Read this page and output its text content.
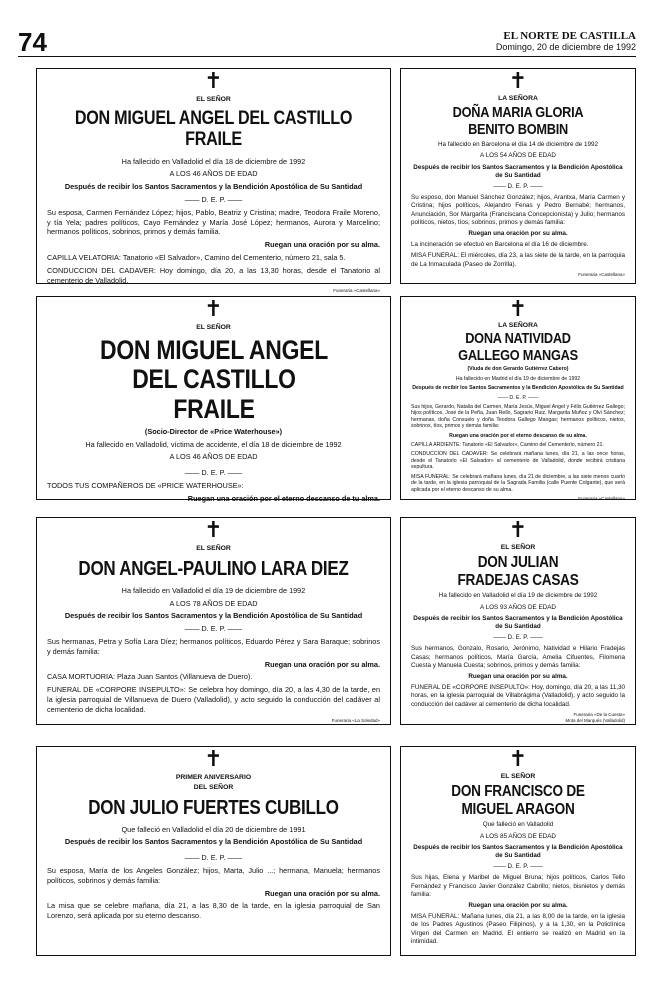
74	EL NORTE DE CASTILLA
Domingo, 20 de diciembre de 1992
✝
EL SEÑOR
DON MIGUEL ANGEL DEL CASTILLO FRAILE

Ha fallecido en Valladolid el día 18 de diciembre de 1992

A LOS 46 AÑOS DE EDAD

Después de recibir los Santos Sacramentos y la Bendición Apostólica de Su Santidad

—— D. E. P. ——

Su esposa, Carmen Fernández López; hijos, Pablo, Beatriz y Cristina; madre, Teodora Fraile Moreno, y tía Yela; padres políticos, Cayo Fernández y María José López; hermanos, Aurora y Marcelino; hermanos políticos, sobrinos, primos y demás familia.

Ruegan una oración por su alma.

CAPILLA VELATORIA: Tanatorio «El Salvador», Camino del Cementerio, número 21, sala 5.

CONDUCCION DEL CADAVER: Hoy domingo, día 20, a las 13,30 horas, desde el Tanatorio al cementerio de Valladolid.

Funeraria «Castellana»
✝
EL SEÑOR
DON MIGUEL ANGEL DEL CASTILLO FRAILE

(Socio-Director de «Price Waterhouse»)

Ha fallecido en Valladolid, víctima de accidente, el día 18 de diciembre de 1992

A LOS 46 AÑOS DE EDAD

—— D. E. P. ——

TODOS TUS COMPAÑEROS DE «PRICE WATERHOUSE»:

Ruegan una oración por el eterno descanso de tu alma.

✝
EL SEÑOR
DON ANGEL-PAULINO LARA DIEZ

Ha fallecido en Valladolid el día 19 de diciembre de 1992

A LOS 78 AÑOS DE EDAD

Después de recibir los Santos Sacramentos y la Bendición Apostólica de Su Santidad

—— D. E. P. ——

Sus hermanas, Petra y Sofía Lara Díez; hermanos políticos, Eduardo Pérez y Sara Baraque; sobrinos y demás familia:

Ruegan una oración por su alma.

CASA MORTUORIA: Plaza Juan Santos (Villanueva de Duero).

FUNERAL DE «CORPORE INSEPULTO»: Se celebra hoy domingo, día 20, a las 4,30 de la tarde, en la iglesia parroquial de Villanueva de Duero (Valladolid), y acto seguido la conducción del cadáver al cementerio de dicha localidad.

Funeraria «La Soledad»
✝
PRIMER ANIVERSARIO
DEL SEÑOR
DON JULIO FUERTES CUBILLO

Que falleció en Valladolid el día 20 de diciembre de 1991

Después de recibir los Santos Sacramentos y la Bendición Apostólica de Su Santidad

—— D. E. P. ——

Su esposa, María de los Angeles González; hijos, Marta, Julio ...; hermana, Manuela; hermanos políticos, sobrinos y demás familia:

Ruegan una oración por su alma.

La misa que se celebre mañana, día 21, a las 8,30 de la tarde, en la iglesia parroquial de San Lorenzo, será aplicada por su eterno descanso.

✝
LA SEÑORA
DOÑA MARIA GLORIA BENITO BOMBIN

Ha fallecido en Barcelona el día 14 de diciembre de 1992

A LOS 54 AÑOS DE EDAD

Después de recibir los Santos Sacramentos y la Bendición Apostólica de Su Santidad

—— D. E. P. ——

Su esposo, don Manuel Sánchez González; hijos, Arantxa, María Carmen y Cristina; hijos políticos, Alejandro Fenas y Pedro Bernabé; hermanos, Anunciación, Sor Margarita (Franciscana Concepcionista) y Julio; hermanos políticos, nietos, tíos, sobrinos, primos y demás familia:

Ruegan una oración por su alma.

La incineración se efectuó en Barcelona el día 16 de diciembre.

MISA FUNERAL: El miércoles, día 23, a las siete de la tarde, en la parroquia de La Inmaculada (Paseo de Zorrilla).

Funeraria «Castellana»
✝
LA SEÑORA
DONA NATIVIDAD GALLEGO MANGAS

(Viuda de don Gerardo Gutiérrez Cabero)

Ha fallecido en Madrid el día 19 de diciembre de 1992

Después de recibir los Santos Sacramentos y la Bendición Apostólica de Su Santidad

—— D. E. P. ——

Sus hijos, Gerardo, Natalia del Carmen, María Jesús, Miguel Angel y Félix Gutiérrez Gallego; hijos políticos, José de la Peña, Juan Rello, Sagrario Ruiz, Margarita Muñoz y Olvi Sánchez; hermanas, doña Consuelo y doña Teodora Gallego Mangas; hermanos políticos, nietos, sobrinos, tíos, primos y demás familia:

Ruegan una oración por el eterno descanso de su alma.

CAPILLA ARDIENTE: Tanatorio «El Salvador», Camino del Cementerio, número 21.

CONDUCCION DEL CADAVER: Se celebrará mañana lunes, día 21, a las once horas, desde el Tanatorio «El Salvador» al cementerio de Valladolid, donde recibirá cristiana sepultura.

MISA FUNERAL: Se celebrará mañana lunes, día 21 de diciembre, a las siete menos cuarto de la tarde, en la iglesia parroquial de la Sagrada Familia (calle Puente Colgante), que será aplicada por el eterno descanso de su alma.

Funeraria «Castellana»
✝
EL SEÑOR
DON JULIAN FRADEJAS CASAS

Ha fallecido en Valladolid el día 19 de diciembre de 1992

A LOS 93 AÑOS DE EDAD

Después de recibir los Santos Sacramentos y la Bendición Apostólica de Su Santidad

—— D. E. P. ——

Sus hermanos, Gonzalo, Rosario, Jerónimo, Natividad e Hilario Fradejas Casas; hermanos políticos, María García, Amelia Cifuentes, Filomena Cuesta y Manuela Cuesta; sobrinos, primos y demás familia:

Ruegan una oración por su alma.

FUNERAL DE «CORPORE INSEPULTO»: Hoy, domingo, día 20, a las 11,30 horas, en la iglesia parroquial de Villabrágima (Valladolid), y acto seguido la conducción del cadáver al cementerio de dicha localidad.

Funeraria «De la Cuesta»
Mota del Marqués (Valladolid)
✝
EL SEÑOR
DON FRANCISCO DE MIGUEL ARAGON

Que falleció en Valladolid

A LOS 85 AÑOS DE EDAD

Después de recibir los Santos Sacramentos y la Bendición Apostólica de Su Santidad

—— D. E. P. ——

Sus hijas, Elena y Maribel de Miguel Bruna; hijos políticos, Carlos Tello Fernández y Francisco Javier González Cabrillo; nietos, bisnietos y demás familia:

Ruegan una oración por su alma.

MISA FUNERAL: Mañana lunes, día 21, a las 8,00 de la tarde, en la iglesia de los Padres Agustinos (Paseo Filipinos), y a la 1,30, en la Policlínica Virgen del Carmen en Madrid. El entierro se realizó en Madrid en la intimidad.
